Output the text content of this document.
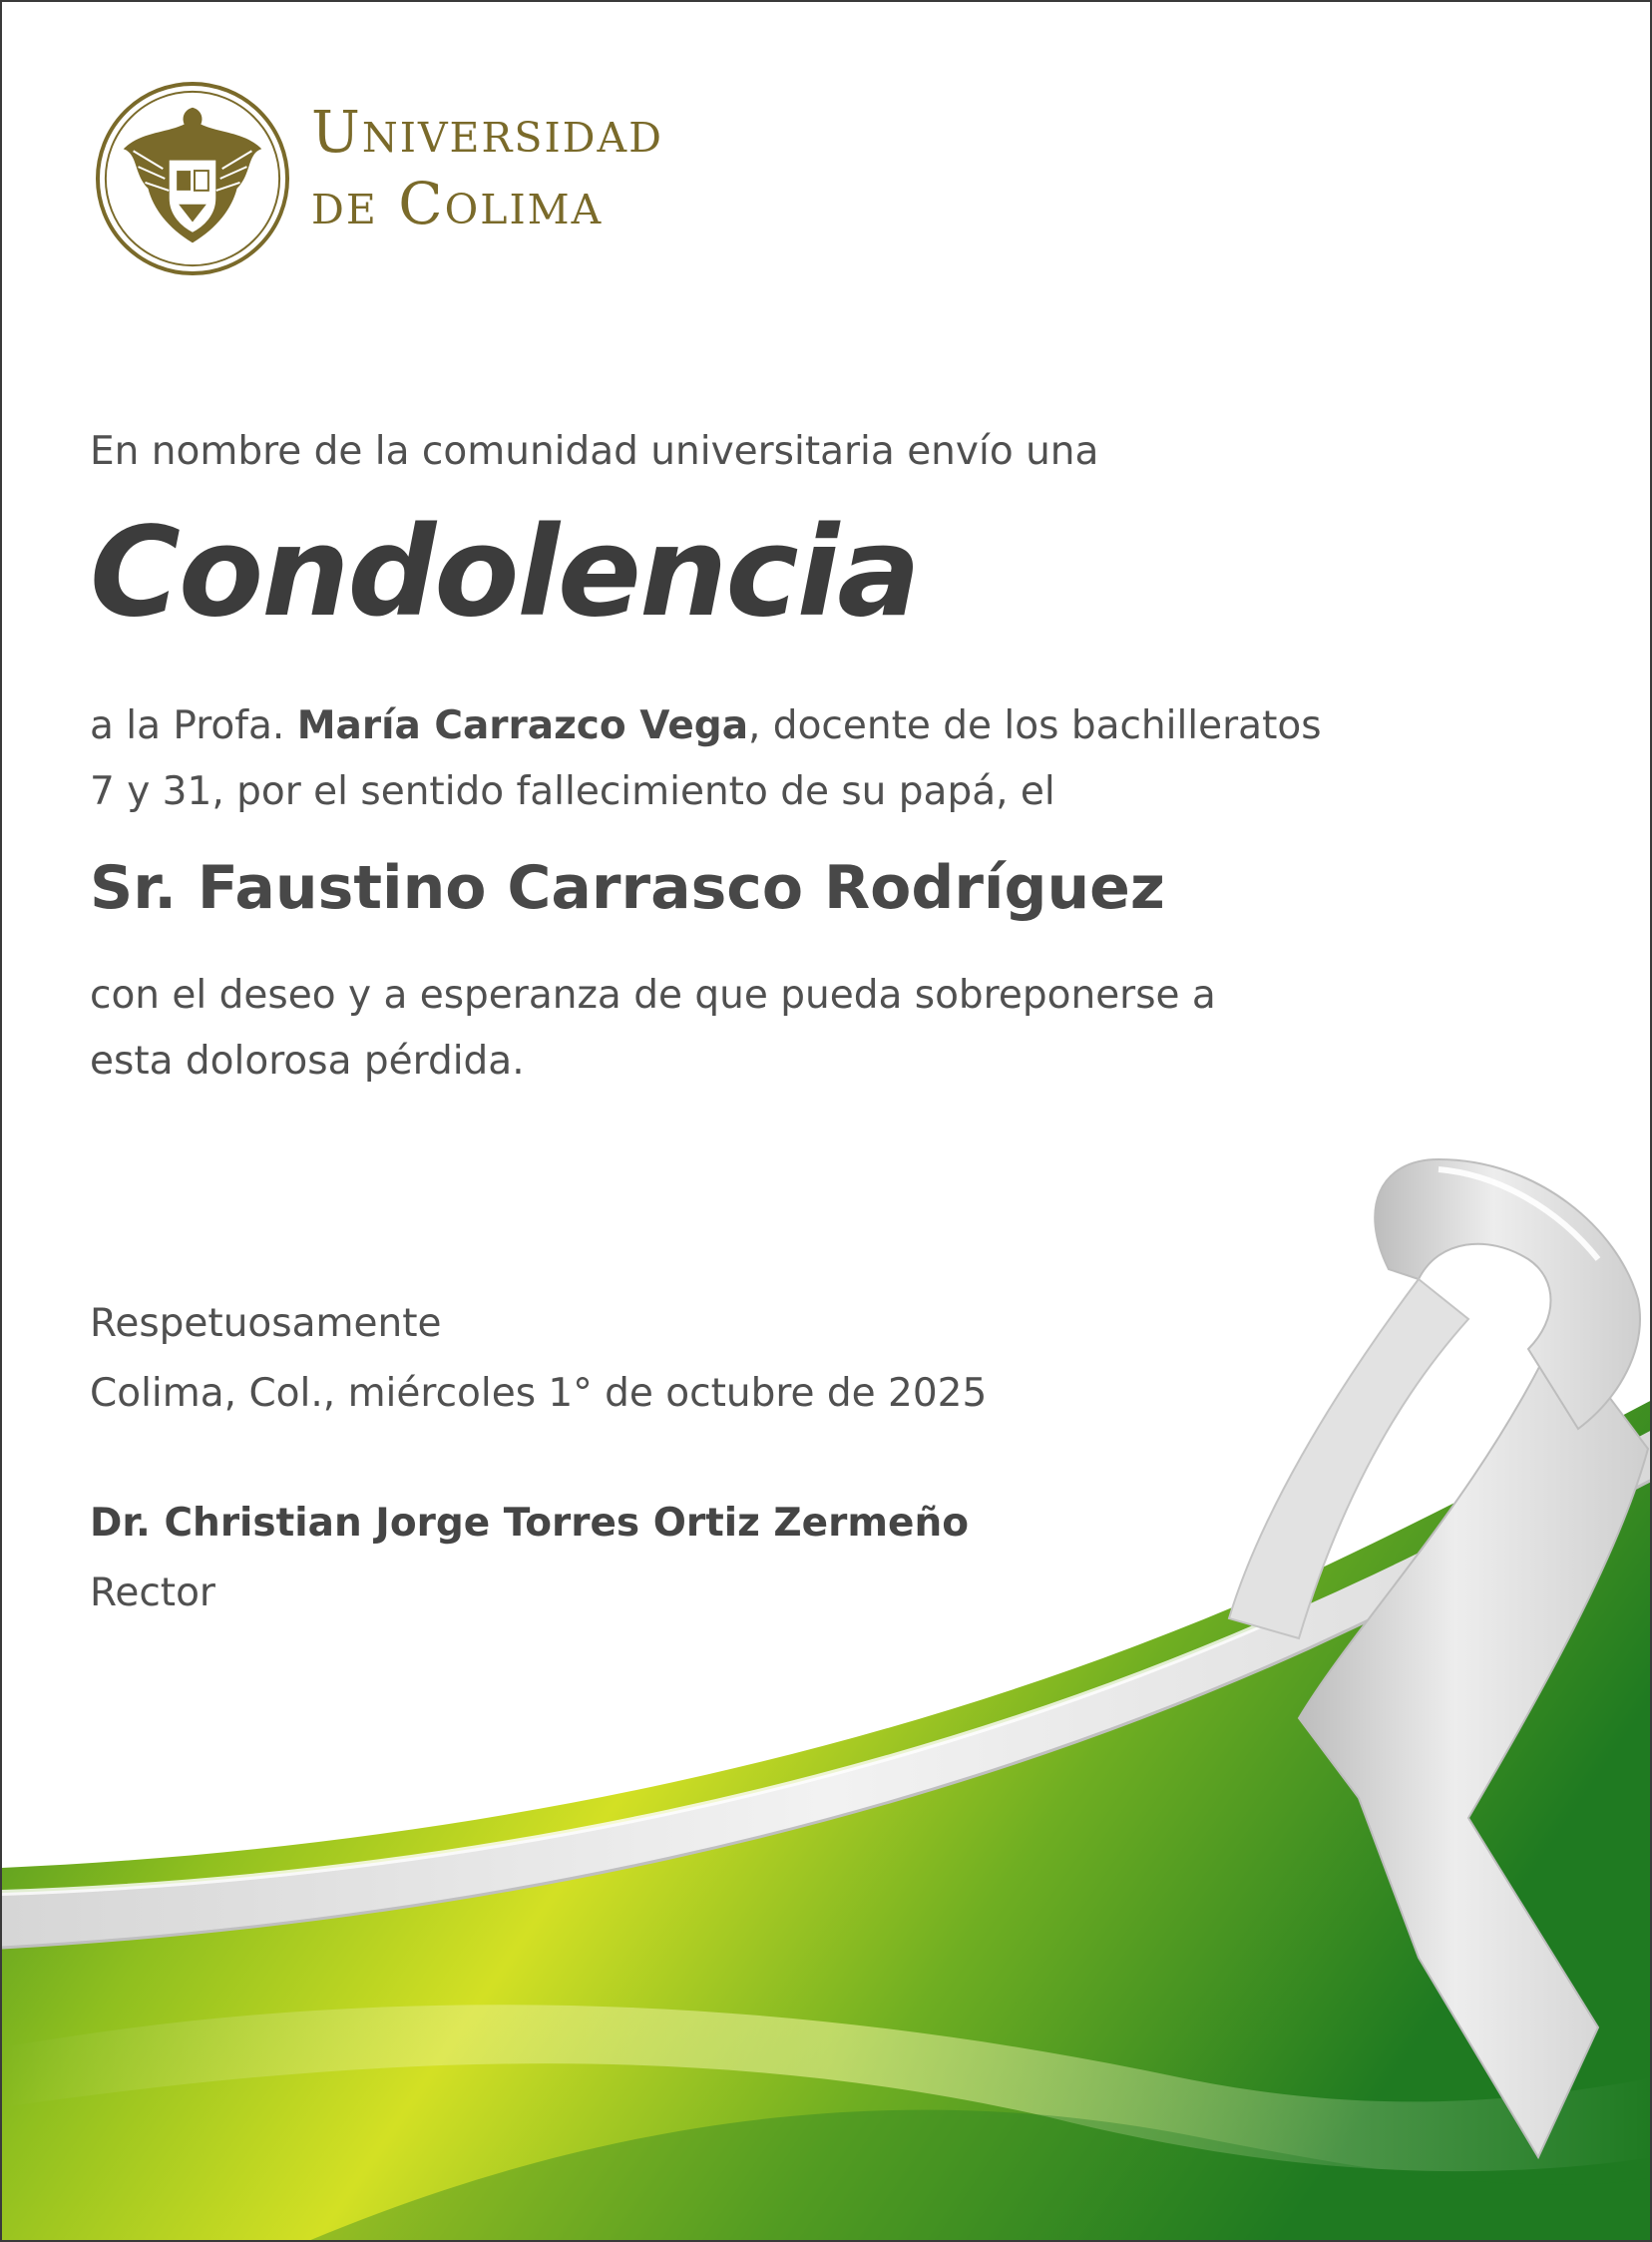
Universidad
de Colima
En nombre de la comunidad universitaria envío una
Condolencia
a la Profa. María Carrazco Vega, docente de los bachilleratos
7 y 31, por el sentido fallecimiento de su papá, el
Sr. Faustino Carrasco Rodríguez
con el deseo y a esperanza de que pueda sobreponerse a
esta dolorosa pérdida.
Respetuosamente
Colima, Col., miércoles 1° de octubre de 2025
Dr. Christian Jorge Torres Ortiz Zermeño
Rector
